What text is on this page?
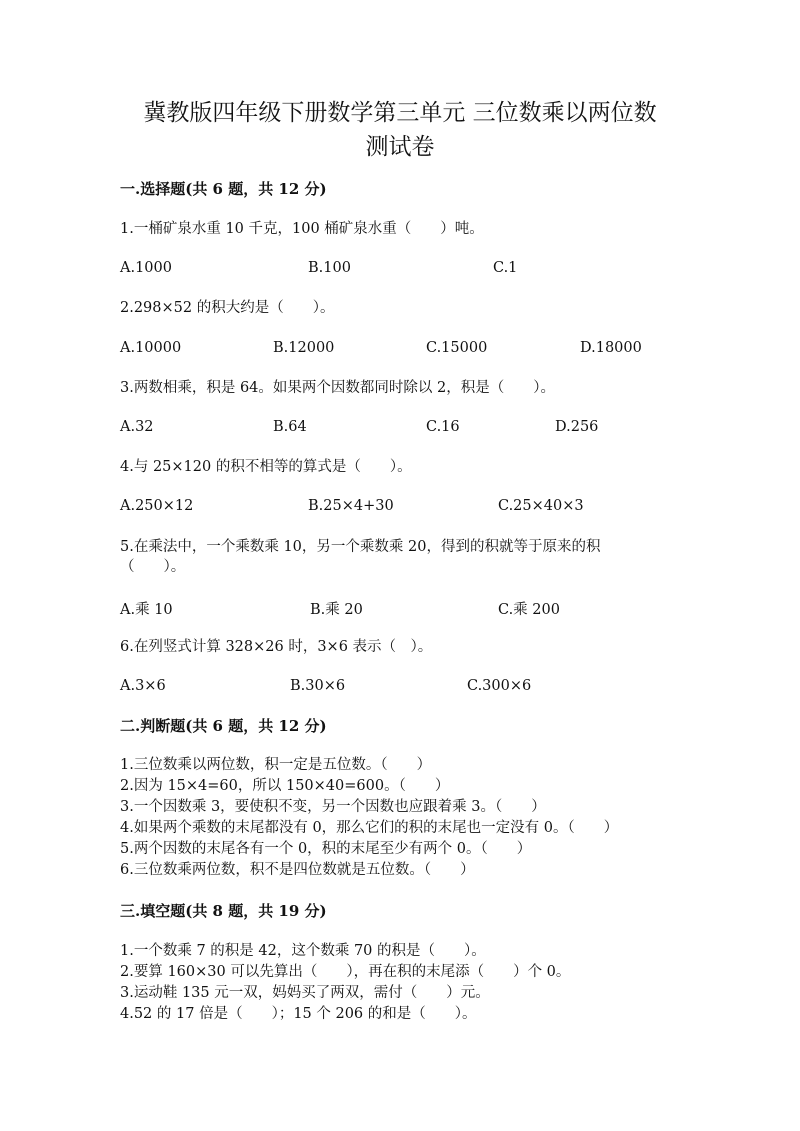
冀教版四年级下册数学第三单元 三位数乘以两位数
测试卷
一.选择题(共 6 题，共 12 分)
1.一桶矿泉水重 10 千克，100 桶矿泉水重（　　）吨。
A.1000	B.100	C.1
2.298×52 的积大约是（　　）。
A.10000	B.12000	C.15000	D.18000
3.两数相乘，积是 64。如果两个因数都同时除以 2，积是（　　）。
A.32	B.64	C.16	D.256
4.与 25×120 的积不相等的算式是（　　）。
A.250×12	B.25×4+30	C.25×40×3
5.在乘法中，一个乘数乘 10，另一个乘数乘 20，得到的积就等于原来的积
（　　）。
A.乘 10	B.乘 20	C.乘 200
6.在列竖式计算 328×26 时，3×6 表示（　）。
A.3×6	B.30×6	C.300×6
二.判断题(共 6 题，共 12 分)
1.三位数乘以两位数，积一定是五位数。（　　）
2.因为 15×4=60，所以 150×40=600。（　　）
3.一个因数乘 3，要使积不变，另一个因数也应跟着乘 3。（　　）
4.如果两个乘数的末尾都没有 0，那么它们的积的末尾也一定没有 0。（　　）
5.两个因数的末尾各有一个 0，积的末尾至少有两个 0。（　　）
6.三位数乘两位数，积不是四位数就是五位数。（　　）
三.填空题(共 8 题，共 19 分)
1.一个数乘 7 的积是 42，这个数乘 70 的积是（　　）。
2.要算 160×30 可以先算出（　　），再在积的末尾添（　　）个 0。
3.运动鞋 135 元一双，妈妈买了两双，需付（　　）元。
4.52 的 17 倍是（　　）；15 个 206 的和是（　　）。
